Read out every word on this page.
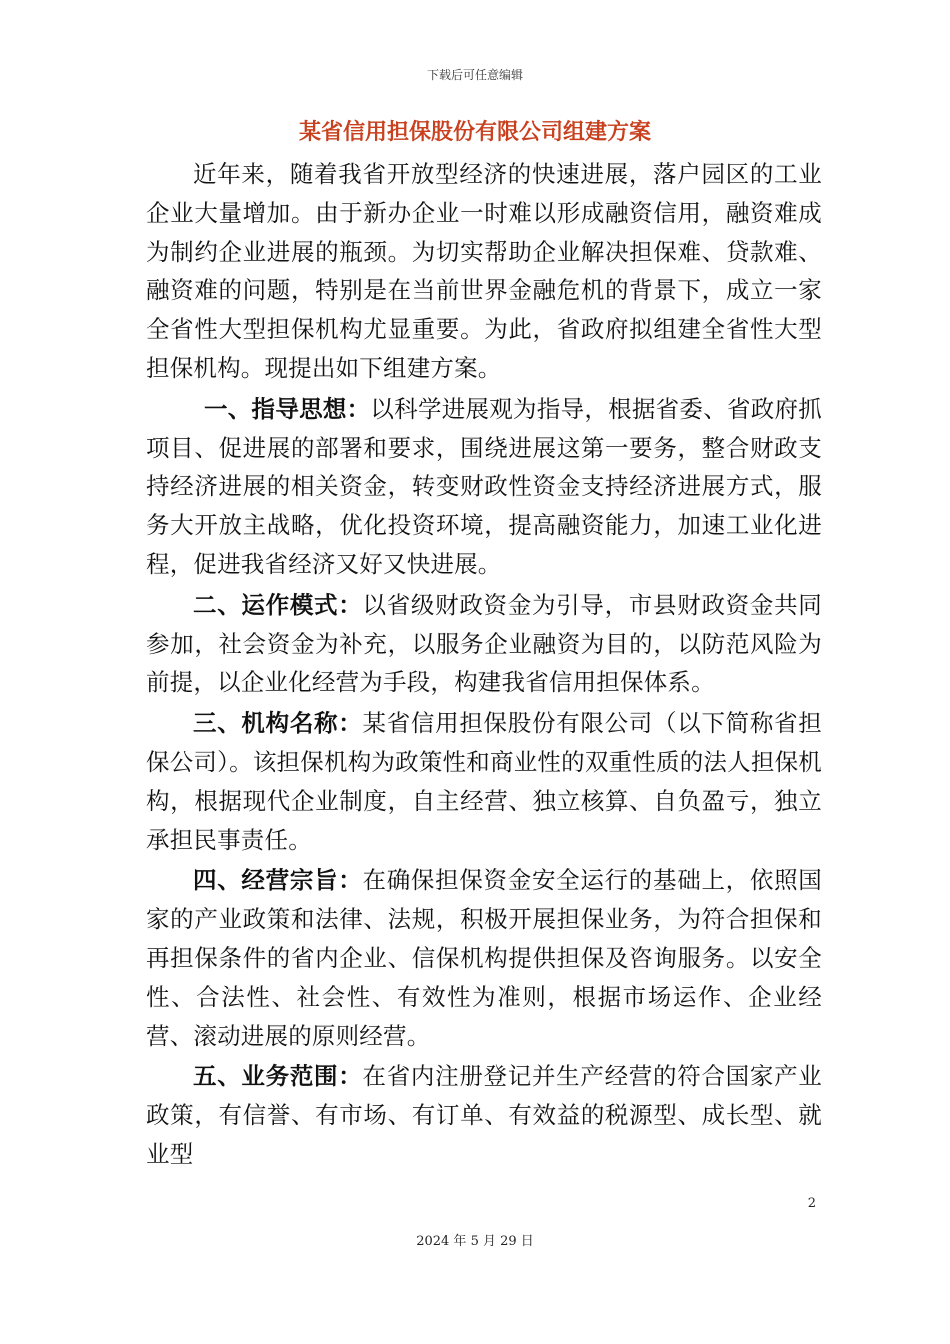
下载后可任意编辑
某省信用担保股份有限公司组建方案

近年来，随着我省开放型经济的快速进展，落户园区的工业企业大量增加。由于新办企业一时难以形成融资信用，融资难成为制约企业进展的瓶颈。为切实帮助企业解决担保难、贷款难、融资难的问题，特别是在当前世界金融危机的背景下，成立一家全省性大型担保机构尤显重要。为此，省政府拟组建全省性大型担保机构。现提出如下组建方案。

一、指导思想：以科学进展观为指导，根据省委、省政府抓项目、促进展的部署和要求，围绕进展这第一要务，整合财政支持经济进展的相关资金，转变财政性资金支持经济进展方式，服务大开放主战略，优化投资环境，提高融资能力，加速工业化进程，促进我省经济又好又快进展。

二、运作模式：以省级财政资金为引导，市县财政资金共同参加，社会资金为补充，以服务企业融资为目的，以防范风险为前提，以企业化经营为手段，构建我省信用担保体系。

三、机构名称：某省信用担保股份有限公司（以下简称省担保公司）。该担保机构为政策性和商业性的双重性质的法人担保机构，根据现代企业制度，自主经营、独立核算、自负盈亏，独立承担民事责任。

四、经营宗旨：在确保担保资金安全运行的基础上，依照国家的产业政策和法律、法规，积极开展担保业务，为符合担保和再担保条件的省内企业、信保机构提供担保及咨询服务。以安全性、合法性、社会性、有效性为准则，根据市场运作、企业经营、滚动进展的原则经营。

五、业务范围：在省内注册登记并生产经营的符合国家产业政策，有信誉、有市场、有订单、有效益的税源型、成长型、就业型

2
2024 年 5 月 29 日
